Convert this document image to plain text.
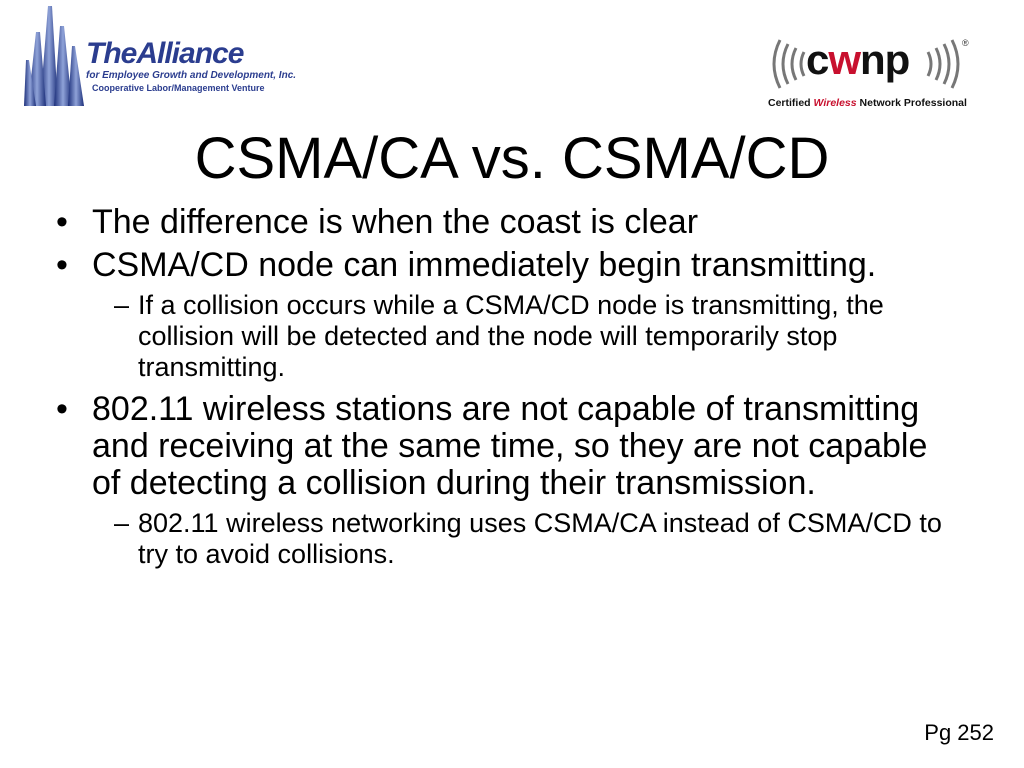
TheAlliance
for Employee Growth and Development, Inc.
Cooperative Labor/Management Venture
cwnp	®
Certified Wireless Network Professional
CSMA/CA vs. CSMA/CD
• The difference is when the coast is clear
• CSMA/CD node can immediately begin transmitting.
– If a collision occurs while a CSMA/CD node is transmitting, the collision will be detected and the node will temporarily stop transmitting.
• 802.11 wireless stations are not capable of transmitting and receiving at the same time, so they are not capable of detecting a collision during their transmission.
– 802.11 wireless networking uses CSMA/CA instead of CSMA/CD to try to avoid collisions.
Pg 252
